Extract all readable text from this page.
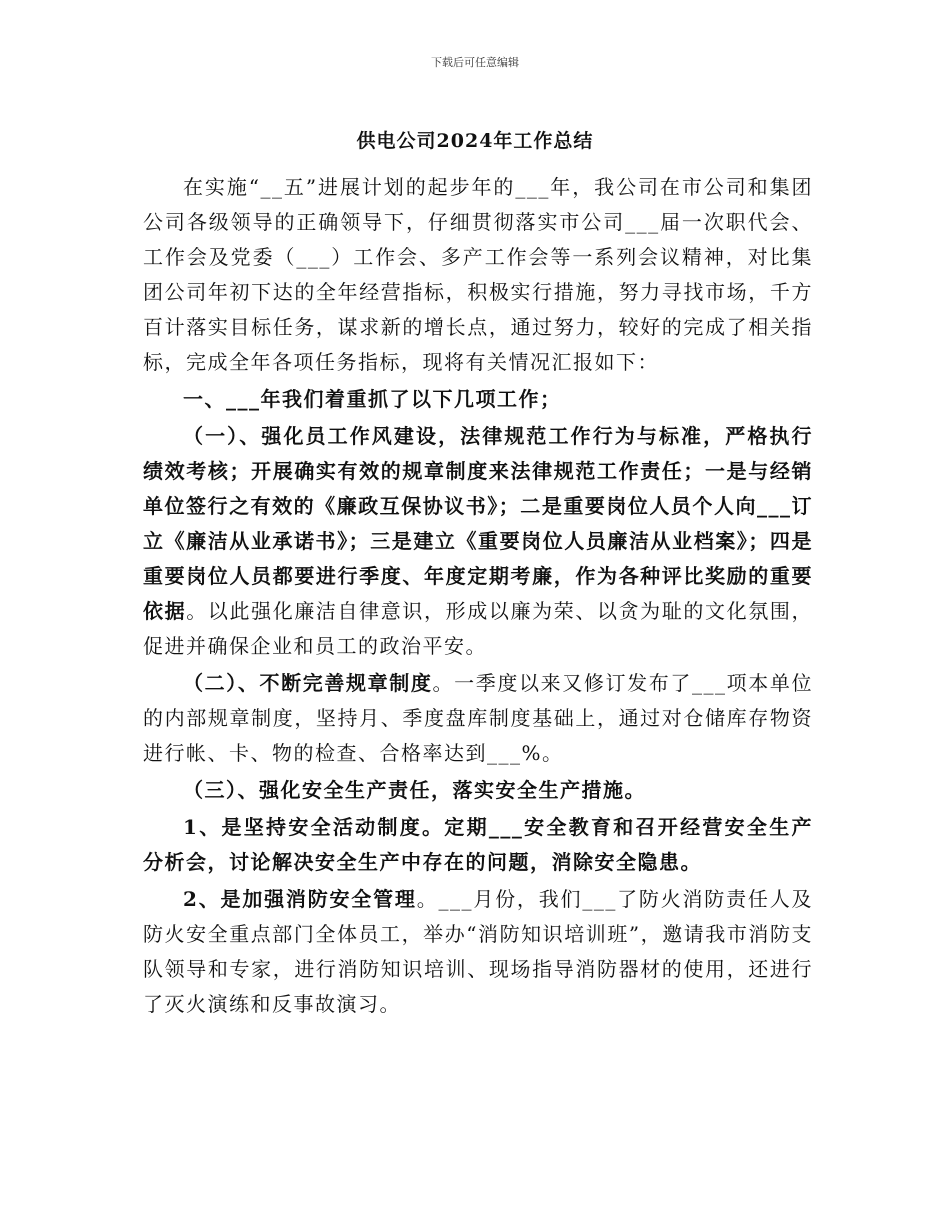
下载后可任意编辑
供电公司2024年工作总结

在实施“__五”进展计划的起步年的___年，我公司在市公司和集团公司各级领导的正确领导下，仔细贯彻落实市公司___届一次职代会、工作会及党委（___）工作会、多产工作会等一系列会议精神，对比集团公司年初下达的全年经营指标，积极实行措施，努力寻找市场，千方百计落实目标任务，谋求新的增长点，通过努力，较好的完成了相关指标，完成全年各项任务指标，现将有关情况汇报如下：

一、___年我们着重抓了以下几项工作；

（一）、强化员工作风建设，法律规范工作行为与标准，严格执行绩效考核；开展确实有效的规章制度来法律规范工作责任；一是与经销单位签行之有效的《廉政互保协议书》；二是重要岗位人员个人向___订立《廉洁从业承诺书》；三是建立《重要岗位人员廉洁从业档案》；四是重要岗位人员都要进行季度、年度定期考廉，作为各种评比奖励的重要依据。以此强化廉洁自律意识，形成以廉为荣、以贪为耻的文化氛围，促进并确保企业和员工的政治平安。

（二）、不断完善规章制度。一季度以来又修订发布了___项本单位的内部规章制度，坚持月、季度盘库制度基础上，通过对仓储库存物资进行帐、卡、物的检查、合格率达到___%。

（三）、强化安全生产责任，落实安全生产措施。

1、是坚持安全活动制度。定期___安全教育和召开经营安全生产分析会，讨论解决安全生产中存在的问题，消除安全隐患。

2、是加强消防安全管理。___月份，我们___了防火消防责任人及防火安全重点部门全体员工，举办“消防知识培训班”，邀请我市消防支队领导和专家，进行消防知识培训、现场指导消防器材的使用，还进行了灭火演练和反事故演习。
